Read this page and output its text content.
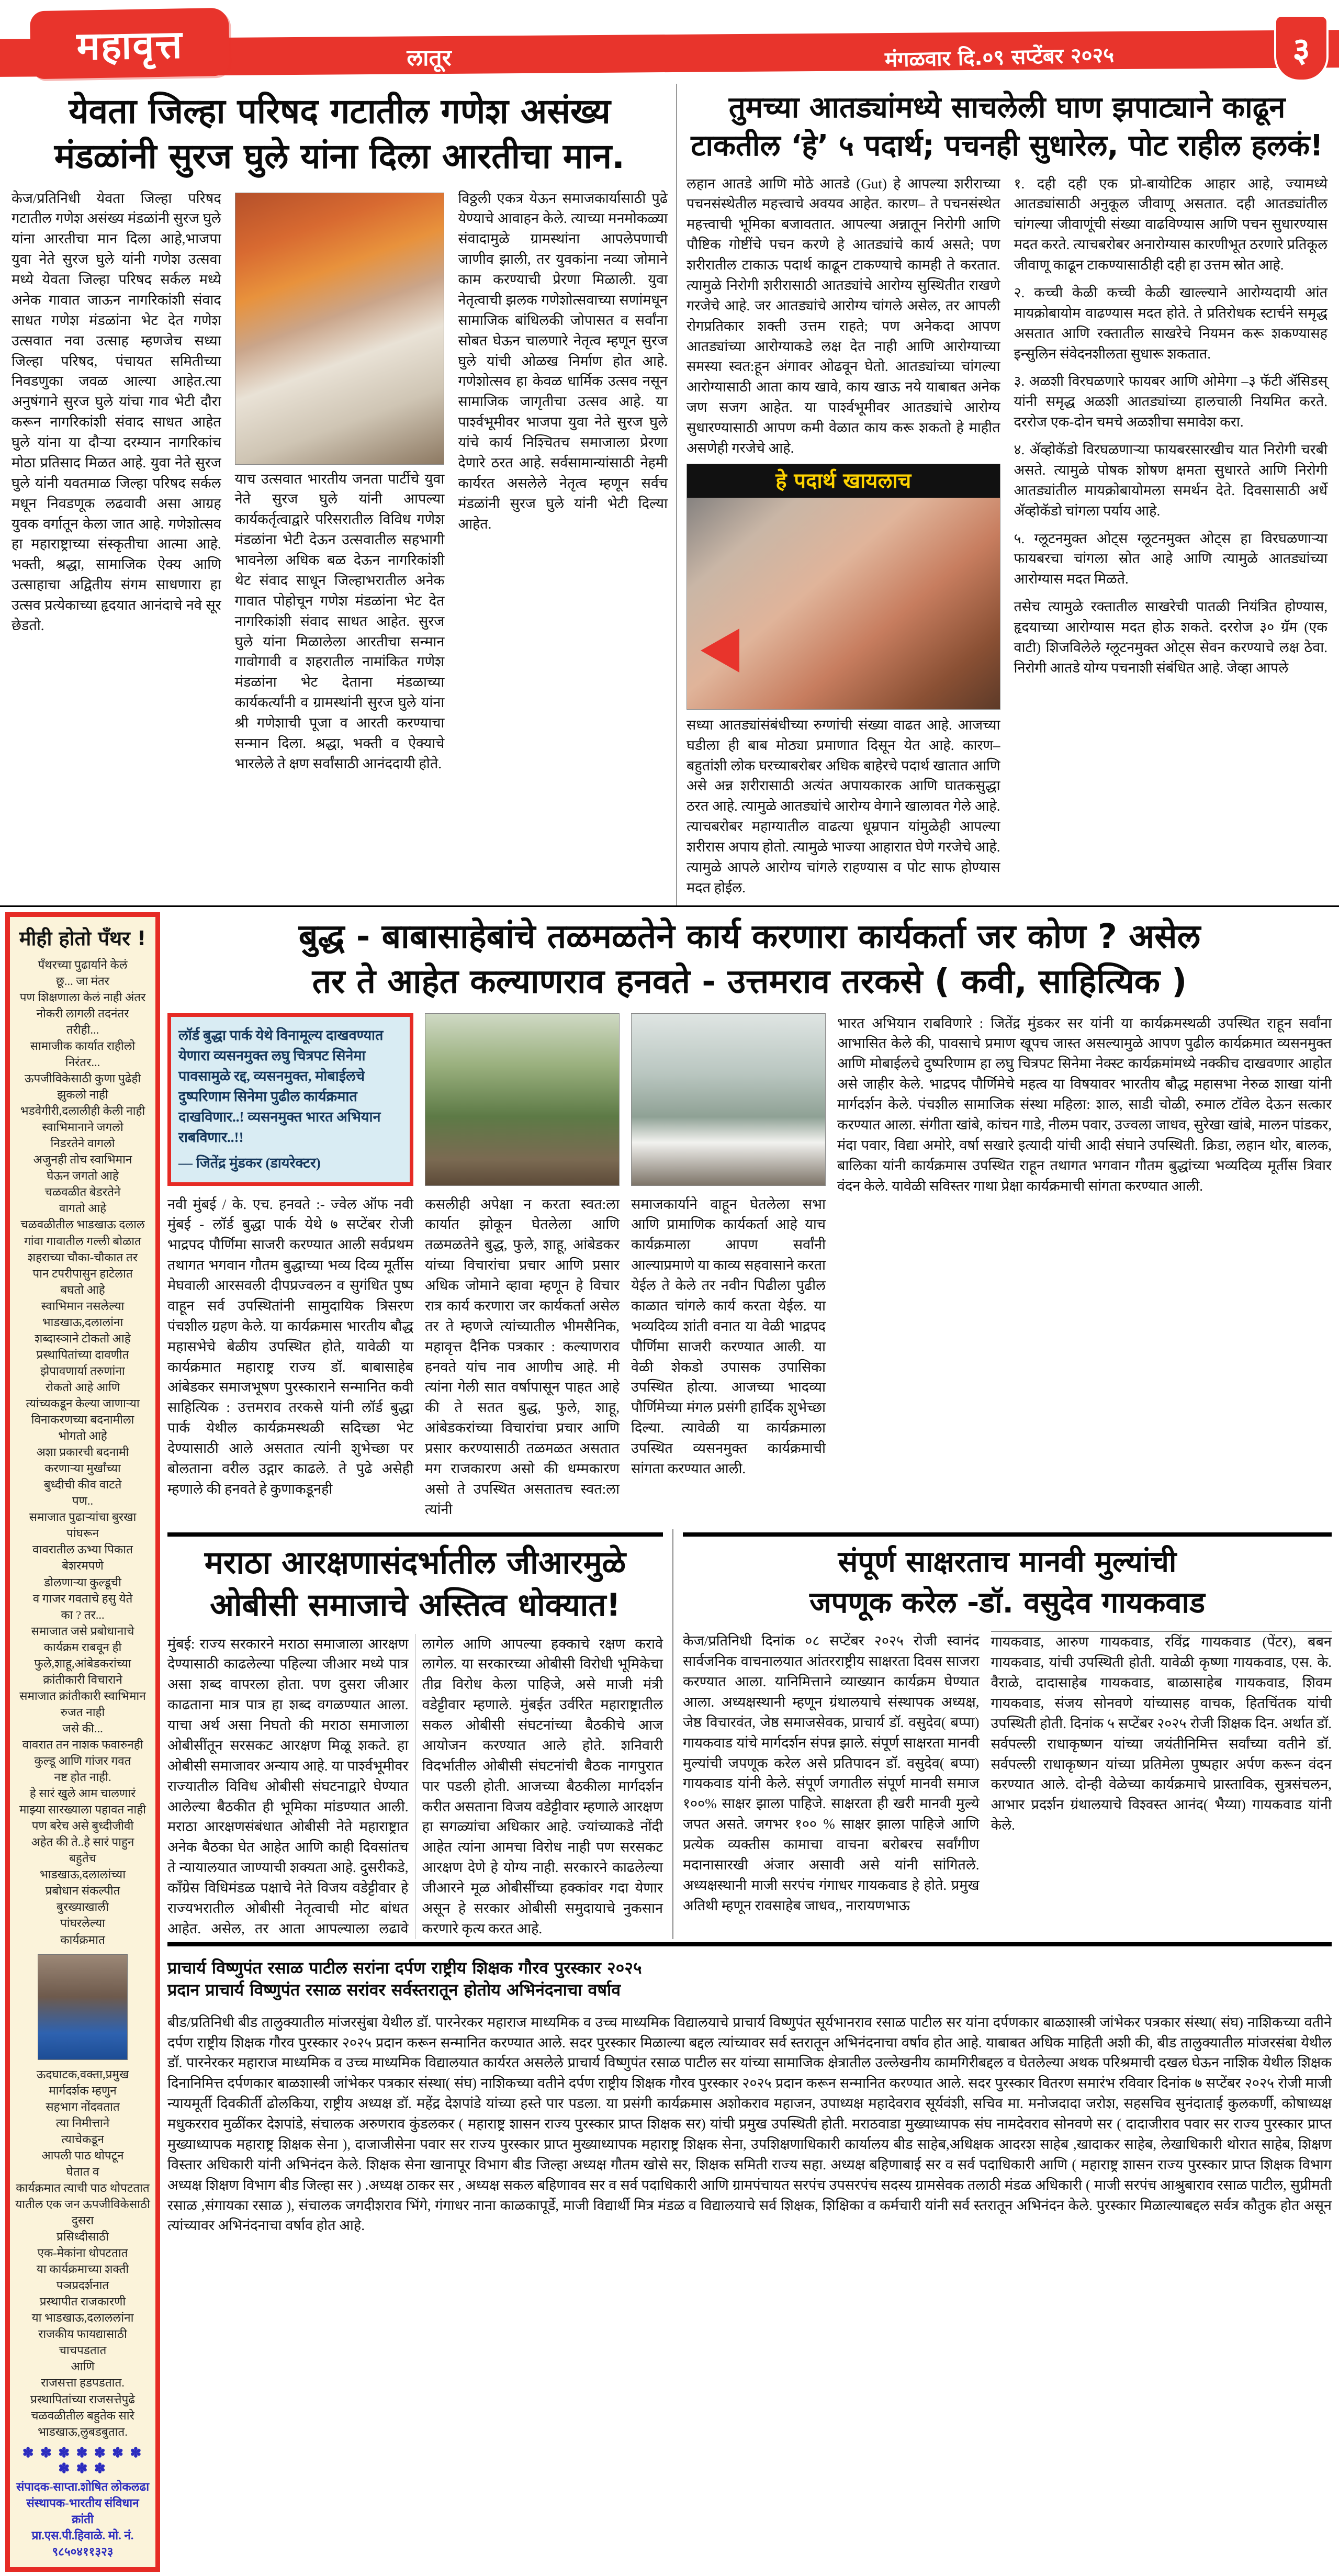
महावृत्त	लातूर	मंगळवार दि.०९ सप्टेंबर २०२५	३
येवता जिल्हा परिषद गटातील गणेश असंख्य
मंडळांनी सुरज घुले यांना दिला आरतीचा मान.
केज/प्रतिनिधी येवता जिल्हा परिषद गटातील गणेश असंख्य मंडळांनी सुरज घुले यांना आरतीचा मान दिला आहे,भाजपा युवा नेते सुरज घुले यांनी गणेश उत्सवा मध्ये येवता जिल्हा परिषद सर्कल मध्ये अनेक गावात जाऊन नागरिकांशी संवाद साधत गणेश मंडळांना भेट देत गणेश उत्सवात नवा उत्साह म्हणजेच सध्या जिल्हा परिषद, पंचायत समितीच्या निवडणुका जवळ आल्या आहेत.त्या अनुषंगाने सुरज घुले यांचा गाव भेटी दौरा करून नागरिकांशी संवाद साधत आहेत घुले यांना या दौऱ्या दरम्यान नागरिकांच मोठा प्रतिसाद मिळत आहे. युवा नेते सुरज घुले यांनी यवतमाळ जिल्हा परिषद सर्कल मधून निवडणूक लढवावी असा आग्रह युवक वर्गातून केला जात आहे. गणेशोत्सव हा महाराष्ट्राच्या संस्कृतीचा आत्मा आहे. भक्ती, श्रद्धा, सामाजिक ऐक्य आणि उत्साहाचा अद्वितीय संगम साधणारा हा उत्सव प्रत्येकाच्या हृदयात आनंदाचे नवे सूर छेडतो.
याच उत्सवात भारतीय जनता पार्टीचे युवा नेते सुरज घुले यांनी आपल्या कार्यकर्तृत्वाद्वारे परिसरातील विविध गणेश मंडळांना भेटी देऊन उत्सवातील सहभागी भावनेला अधिक बळ देऊन नागरिकांशी थेट संवाद साधून जिल्हाभरातील अनेक गावात पोहोचून गणेश मंडळांना भेट देत नागरिकांशी संवाद साधत आहेत. सुरज घुले यांना मिळालेला आरतीचा सन्मान गावोगावी व शहरातील नामांकित गणेश मंडळांना भेट देताना मंडळाच्या कार्यकर्त्यांनी व ग्रामस्थांनी सुरज घुले यांना श्री गणेशाची पूजा व आरती करण्याचा सन्मान दिला. श्रद्धा, भक्ती व ऐक्याचे भारलेले ते क्षण सर्वांसाठी आनंददायी होते.
विठ्ठली एकत्र येऊन समाजकार्यासाठी पुढे येण्याचे आवाहन केले. त्याच्या मनमोकळ्या संवादामुळे ग्रामस्थांना आपलेपणाची जाणीव झाली, तर युवकांना नव्या जोमाने काम करण्याची प्रेरणा मिळाली. युवा नेतृत्वाची झलक गणेशोत्सवाच्या सणांमधून सामाजिक बांधिलकी जोपासत व सर्वांना सोबत घेऊन चालणारे नेतृत्व म्हणून सुरज घुले यांची ओळख निर्माण होत आहे. गणेशोत्सव हा केवळ धार्मिक उत्सव नसून सामाजिक जागृतीचा उत्सव आहे. या पार्श्वभूमीवर भाजपा युवा नेते सुरज घुले यांचे कार्य निश्चितच समाजाला प्रेरणा देणारे ठरत आहे. सर्वसामान्यांसाठी नेहमी कार्यरत असलेले नेतृत्व म्हणून सर्वच मंडळांनी सुरज घुले यांनी भेटी दिल्या आहेत.
तुमच्या आतड्यांमध्ये साचलेली घाण झपाट्याने काढून
टाकतील ‘हे’ ५ पदार्थ; पचनही सुधारेल, पोट राहील हलकं!
लहान आतडे आणि मोठे आतडे (Gut) हे आपल्या शरीराच्या पचनसंस्थेतील महत्त्वाचे अवयव आहेत. कारण– ते पचनसंस्थेत महत्त्वाची भूमिका बजावतात. आपल्या अन्नातून निरोगी आणि पौष्टिक गोष्टींचे पचन करणे हे आतड्यांचे कार्य असते; पण शरीरातील टाकाऊ पदार्थ काढून टाकण्याचे कामही ते करतात. त्यामुळे निरोगी शरीरासाठी आतड्यांचे आरोग्य सुस्थितीत राखणे गरजेचे आहे. जर आतड्यांचे आरोग्य चांगले असेल, तर आपली रोगप्रतिकार शक्ती उत्तम राहते; पण अनेकदा आपण आतड्यांच्या आरोग्याकडे लक्ष देत नाही आणि आरोग्याच्या समस्या स्वत:हून अंगावर ओढवून घेतो. आतड्यांच्या चांगल्या आरोग्यासाठी आता काय खावे, काय खाऊ नये याबाबत अनेक जण सजग आहेत. या पार्श्वभूमीवर आतड्यांचे आरोग्य सुधारण्यासाठी आपण कमी वेळात काय करू शकतो हे माहीत असणेही गरजेचे आहे.
हे पदार्थ खायलाच
सध्या आतड्यांसंबंधीच्या रुग्णांची संख्या वाढत आहे. आजच्या घडीला ही बाब मोठ्या प्रमाणात दिसून येत आहे. कारण– बहुतांशी लोक घरच्याबरोबर अधिक बाहेरचे पदार्थ खातात आणि असे अन्न शरीरासाठी अत्यंत अपायकारक आणि घातकसुद्धा ठरत आहे. त्यामुळे आतड्यांचे आरोग्य वेगाने खालावत गेले आहे. त्याचबरोबर महाग्यातील वाढत्या धूम्रपान यांमुळेही आपल्या शरीरास अपाय होतो. त्यामुळे भाज्या आहारात घेणे गरजेचे आहे. त्यामुळे आपले आरोग्य चांगले राहण्यास व पोट साफ होण्यास मदत होईल.
१. दही दही एक प्रो-बायोटिक आहार आहे, ज्यामध्ये आतड्यांसाठी अनुकूल जीवाणू असतात. दही आतड्यांतील चांगल्या जीवाणूंची संख्या वाढविण्यास आणि पचन सुधारण्यास मदत करते. त्याचबरोबर अनारोग्यास कारणीभूत ठरणारे प्रतिकूल जीवाणू काढून टाकण्यासाठीही दही हा उत्तम स्रोत आहे.
२. कच्ची केळी कच्ची केळी खाल्ल्याने आरोग्यदायी आंत मायक्रोबायोम वाढण्यास मदत होते. ते प्रतिरोधक स्टार्चने समृद्ध असतात आणि रक्तातील साखरेचे नियमन करू शकण्यासह इन्सुलिन संवेदनशीलता सुधारू शकतात.
३. अळशी विरघळणारे फायबर आणि ओमेगा –३ फॅटी ॲसिडस् यांनी समृद्ध अळशी आतड्यांच्या हालचाली नियमित करते. दररोज एक-दोन चमचे अळशीचा समावेश करा.
४. ॲव्होकॅडो विरघळणाऱ्या फायबरसारखीच यात निरोगी चरबी असते. त्यामुळे पोषक शोषण क्षमता सुधारते आणि निरोगी आतड्यांतील मायक्रोबायोमला समर्थन देते. दिवसासाठी अर्धे ॲव्होकॅडो चांगला पर्याय आहे.
५. ग्लूटनमुक्त ओट्स ग्लूटनमुक्त ओट्स हा विरघळणाऱ्या फायबरचा चांगला स्रोत आहे आणि त्यामुळे आतड्यांच्या आरोग्यास मदत मिळते.
तसेच त्यामुळे रक्तातील साखरेची पातळी नियंत्रित होण्यास, हृदयाच्या आरोग्यास मदत होऊ शकते. दररोज ३० ग्रॅम (एक वाटी) शिजविलेले ग्लूटनमुक्त ओट्स सेवन करण्याचे लक्ष ठेवा. निरोगी आतडे योग्य पचनाशी संबंधित आहे. जेव्हा आपले
मीही होतो पँथर !
पँथरच्या पुढार्याने केलं
छू... जा मंतर
पण शिक्षणाला केलं नाही अंतर
नोकरी लागली तदनंतर
तरीही...
सामाजीक कार्यात राहीलो
निरंतर...
ऊपजीविकेसाठी कुणा पुढेही
झुकलो नाही
भडवेगीरी,दलालीही केली नाही
स्वाभिमानाने जगलो
निडरतेने वागलो
अजुनही तोच स्वाभिमान
घेऊन जगतो आहे
चळवळीत बेडरतेने
वागतो आहे
चळवळीतील भाडखाऊ दलाल
गांवा गावातील गल्ली बोळात
शहराच्या चौका-चौकात तर
पान टपरीपासुन हाटेलात
बघतो आहे
स्वाभिमान नसलेल्या
भाडखाऊ,दलालांना
शब्दास्ञाने टोकतो आहे
प्रस्थापितांच्या दावणीत
झेपावणार्या तरुणांना
रोकतो आहे आणि
त्यांच्यकडून केल्या जाणाऱ्या
विनाकरणच्या बदनामीला
भोगतो आहे
अशा प्रकारची बदनामी
करणाऱ्या मुर्खांच्या
बुध्दीची कीव वाटते
पण..
समाजात पुढाऱ्यांचा बुरखा पांघरून
वावरातील ऊभ्या पिकात बेशरमपणे
डोलणाऱ्या कुल्डूची
व गाजर गवताचे हसु येते
का ? तर...
समाजात जसे प्रबोधानाचे
कार्यक्रम राबवून ही
फुले,शाहू,आंबेडकरांच्या
क्रांतीकारी विचाराने
समाजात क्रांतीकारी स्वाभिमान
रुजत नाही
जसे की...
वावरात तन नाशक फवारुनही
कुल्डू आणि गांजर गवत
नष्ट होत नाही.
हे सारं खुले आम चालणारं
माझ्या सारख्याला पहावत नाही
पण बरेच असे बुध्दीजीवी
अहेत की ते..हे सारं पाहुन
बहुतेच
भाडखाऊ,दलालांच्या
प्रबोधान संकल्पीत
बुरख्याखाली
पांघरलेल्या
कार्यक्रमात
ऊदघाटक,वक्ता,प्रमुख
मार्गदर्शक म्हणुन
सहभाग नोंदवतात
त्या निमीत्ताने
त्याचेकडून
आपली पाठ थोपटून
घेतात व
कार्यक्रमात त्याची पाठ थोपटतात
यातील एक जन ऊपजीविकेसाठी
दुसरा
प्रसिध्दीसाठी
एक-मेकांना धोपटतात
या कार्यक्रमाच्या शक्ती पञप्रदर्शनात
प्रस्थापीत राजकारणी
या भाडखाऊ,दलाललांना
राजकीय फायद्यासाठी चाचपडतात
आणि
राजसत्ता हडपडतात.
प्रस्थापितांच्या राजसत्तेपुढे
चळवळीतील बहुतेक सारे
भाडखाऊ,लुबडबुतात.
✽ ✽ ✽ ✽ ✽ ✽ ✽ ✽ ✽ ✽
संपादक-साप्ता.शोषित लोकलढा
संस्थापक-भारतीय संविधान क्रांती
प्रा.एस.पी.हिवाळे. मो. नं.
९८५०४११३२३
बुद्ध - बाबासाहेबांचे तळमळतेने कार्य करणारा कार्यकर्ता जर कोण ? असेल
तर ते आहेत कल्याणराव हनवते - उत्तमराव तरकसे ( कवी, साहित्यिक )
लॉर्ड बुद्धा पार्क येथे विनामूल्य दाखवण्यात येणारा व्यसनमुक्त लघु चित्रपट सिनेमा पावसामुळे रद्द, व्यसनमुक्त, मोबाईलचे दुष्परिणाम सिनेमा पुढील कार्यक्रमात दाखविणार..! व्यसनमुक्त भारत अभियान राबविणार..!!
–– जितेंद्र मुंडकर (डायरेक्टर)
भारत अभियान राबविणारे : जितेंद्र मुंडकर सर यांनी या कार्यक्रमस्थळी उपस्थित राहून सर्वांना आभासित केले की, पावसाचे प्रमाण खूपच जास्त असल्यामुळे आपण पुढील कार्यक्रमात व्यसनमुक्त आणि मोबाईलचे दुष्परिणाम हा लघु चित्रपट सिनेमा नेक्स्ट कार्यक्रमांमध्ये नक्कीच दाखवणार आहोत असे जाहीर केले. भाद्रपद पौर्णिमेचे महत्व या विषयावर भारतीय बौद्ध महासभा नेरुळ शाखा यांनी मार्गदर्शन केले. पंचशील सामाजिक संस्था महिला: शाल, साडी चोळी, रुमाल टॉवेल देऊन सत्कार करण्यात आला. संगीता खांबे, कांचन गाडे, नीलम पवार, उज्वला जाधव, सुरेखा खांबे, मालन पांडकर, मंदा पवार, विद्या अमोरे, वर्षा सखारे इत्यादी यांची आदी संघाने उपस्थिती. क्रिडा, लहान थोर, बालक, बालिका यांनी कार्यक्रमास उपस्थित राहून तथागत भगवान गौतम बुद्धांच्या भव्यदिव्य मूर्तीस त्रिवार वंदन केले. यावेळी सविस्तर गाथा प्रेक्षा कार्यक्रमाची सांगता करण्यात आली.
नवी मुंबई / के. एच. हनवते :- ज्वेल ऑफ नवी मुंबई - लॉर्ड बुद्धा पार्क येथे ७ सप्टेंबर रोजी भाद्रपद पौर्णिमा साजरी करण्यात आली सर्वप्रथम तथागत भगवान गौतम बुद्धाच्या भव्य दिव्य मूर्तीस मेघवाली आरसवली दीपप्रज्वलन व सुगंधित पुष्प वाहून सर्व उपस्थितांनी सामुदायिक त्रिसरण पंचशील ग्रहण केले. या कार्यक्रमास भारतीय बौद्ध महासभेचे बेळीय उपस्थित होते, यावेळी या कार्यक्रमात महाराष्ट्र राज्य डॉ. बाबासाहेब आंबेडकर समाजभूषण पुरस्काराने सन्मानित कवी साहित्यिक : उत्तमराव तरकसे यांनी लॉर्ड बुद्धा पार्क येथील कार्यक्रमस्थळी सदिच्छा भेट देण्यासाठी आले असतात त्यांनी शुभेच्छा पर बोलताना वरील उद्गार काढले. ते पुढे असेही म्हणाले की हनवते हे कुणाकडूनही
कसलीही अपेक्षा न करता स्वत:ला कार्यात झोकून घेतलेला आणि तळमळतेने बुद्ध, फुले, शाहू, आंबेडकर यांच्या विचारांचा प्रचार आणि प्रसार अधिक जोमाने व्हावा म्हणून हे विचार रात्र कार्य करणारा जर कार्यकर्ता असेल तर ते म्हणजे त्यांच्यातील भीमसैनिक, महावृत्त दैनिक पत्रकार : कल्याणराव हनवते यांच नाव आणीच आहे. मी त्यांना गेली सात वर्षापासून पाहत आहे की ते सतत बुद्ध, फुले, शाहू, आंबेडकरांच्या विचारांचा प्रचार आणि प्रसार करण्यासाठी तळमळत असतात मग राजकारण असो की धम्मकारण असो ते उपस्थित असतातच स्वत:ला त्यांनी
समाजकार्याने वाहून घेतलेला सभा आणि प्रामाणिक कार्यकर्ता आहे याच कार्यक्रमाला आपण सर्वांनी आल्याप्रमाणे या काव्य सहवासाने करता येईल ते केले तर नवीन पिढीला पुढील काळात चांगले कार्य करता येईल. या भव्यदिव्य शांती वनात या वेळी भाद्रपद पौर्णिमा साजरी करण्यात आली. या वेळी शेकडो उपासक उपासिका उपस्थित होत्या. आजच्या भादव्या पौर्णिमेच्या मंगल प्रसंगी हार्दिक शुभेच्छा दिल्या. त्यावेळी या कार्यक्रमाला उपस्थित व्यसनमुक्त कार्यक्रमाची सांगता करण्यात आली.
मराठा आरक्षणासंदर्भातील जीआरमुळे
ओबीसी समाजाचे अस्तित्व धोक्यात!
मुंबई: राज्य सरकारने मराठा समाजाला आरक्षण देण्यासाठी काढलेल्या पहिल्या जीआर मध्ये पात्र असा शब्द वापरला होता. पण दुसरा जीआर काढताना मात्र पात्र हा शब्द वगळण्यात आला. याचा अर्थ असा निघतो की मराठा समाजाला ओबीसींतून सरसकट आरक्षण मिळू शकते. हा ओबीसी समाजावर अन्याय आहे. या पार्श्वभूमीवर राज्यातील विविध ओबीसी संघटनाद्वारे घेण्यात आलेल्या बैठकीत ही भूमिका मांडण्यात आली. मराठा आरक्षणसंबंधात ओबीसी नेते महाराष्ट्रात अनेक बैठका घेत आहेत आणि काही दिवसांतच ते न्यायालयात जाण्याची शक्यता आहे. दुसरीकडे, काँग्रेस विधिमंडळ पक्षाचे नेते विजय वडेट्टीवार हे राज्यभरातील ओबीसी नेतृत्वाची मोट बांधत आहेत. असेल, तर आता आपल्याला लढावे लागेल आणि आपल्या हक्काचे रक्षण करावे लागेल. या सरकारच्या ओबीसी विरोधी भूमिकेचा तीव्र विरोध केला पाहिजे, असे माजी मंत्री वडेट्टीवार म्हणाले. मुंबईत उर्वरित महाराष्ट्रातील सकल ओबीसी संघटनांच्या बैठकीचे आज आयोजन करण्यात आले होते. शनिवारी विदर्भातील ओबीसी संघटनांची बैठक नागपुरात पार पडली होती. आजच्या बैठकीला मार्गदर्शन करीत असताना विजय वडेट्टीवार म्हणाले आरक्षण हा सगळ्यांचा अधिकार आहे. ज्यांच्याकडे नोंदी आहेत त्यांना आमचा विरोध नाही पण सरसकट आरक्षण देणे हे योग्य नाही. सरकारने काढलेल्या जीआरने मूळ ओबीसींच्या हक्कांवर गदा येणार असून हे सरकार ओबीसी समुदायाचे नुकसान करणारे कृत्य करत आहे.
संपूर्ण साक्षरताच मानवी मुल्यांची
जपणूक करेल -डॉ. वसुदेव गायकवाड
केज/प्रतिनिधी दिनांक ०८ सप्टेंबर २०२५ रोजी स्वानंद सार्वजनिक वाचनालयात आंतरराष्ट्रीय साक्षरता दिवस साजरा करण्यात आला. यानिमित्ताने व्याख्यान कार्यक्रम घेण्यात आला. अध्यक्षस्थानी म्हणून ग्रंथालयाचे संस्थापक अध्यक्ष, जेष्ठ विचारवंत, जेष्ठ समाजसेवक, प्राचार्य डॉ. वसुदेव( बप्पा) गायकवाड यांचे मार्गदर्शन संपन्न झाले. संपूर्ण साक्षरता मानवी मुल्यांची जपणूक करेल असे प्रतिपादन डॉ. वसुदेव( बप्पा) गायकवाड यांनी केले. संपूर्ण जगातील संपूर्ण मानवी समाज १००% साक्षर झाला पाहिजे. साक्षरता ही खरी मानवी मुल्ये जपत असते. जगभर १०० % साक्षर झाला पाहिजे आणि प्रत्येक व्यक्तीस कामाचा वाचना बरोबरच सर्वांगीण मदानासारखी अंजार असावी असे यांनी सांगितले. अध्यक्षस्थानी माजी सरपंच गंगाधर गायकवाड हे होते. प्रमुख अतिथी म्हणून रावसाहेब जाधव,, नारायणभाऊ
गायकवाड, आरुण गायकवाड, रविंद्र गायकवाड (पेंटर), बबन गायकवाड, यांची उपस्थिती होती. यावेळी कृष्णा गायकवाड, एस. के. वैराळे, दादासाहेब गायकवाड, बाळासाहेब गायकवाड, शिवम गायकवाड, संजय सोनवणे यांच्यासह वाचक, हितचिंतक यांची उपस्थिती होती. दिनांक ५ सप्टेंबर २०२५ रोजी शिक्षक दिन. अर्थात डॉ. सर्वपल्ली राधाकृष्णन यांच्या जयंतीनिमित्त सर्वांच्या वतीने डॉ. सर्वपल्ली राधाकृष्णन यांच्या प्रतिमेला पुष्पहार अर्पण करून वंदन करण्यात आले. दोन्ही वेळेच्या कार्यक्रमाचे प्रास्ताविक, सुत्रसंचलन, आभार प्रदर्शन ग्रंथालयाचे विश्वस्त आनंद( भैय्या) गायकवाड यांनी केले.
प्राचार्य विष्णुपंत रसाळ पाटील सरांना दर्पण राष्ट्रीय शिक्षक गौरव पुरस्कार २०२५
प्रदान प्राचार्य विष्णुपंत रसाळ सरांवर सर्वस्तरातून होतोय अभिनंदनाचा वर्षाव
बीड/प्रतिनिधी बीड तालुक्यातील मांजरसुंबा येथील डॉ. पारनेरकर महाराज माध्यमिक व उच्च माध्यमिक विद्यालयाचे प्राचार्य विष्णुपंत सूर्यभानराव रसाळ पाटील सर यांना दर्पणकार बाळशास्त्री जांभेकर पत्रकार संस्था( संघ) नाशिकच्या वतीने दर्पण राष्ट्रीय शिक्षक गौरव पुरस्कार २०२५ प्रदान करून सन्मानित करण्यात आले. सदर पुरस्कार मिळाल्या बद्दल त्यांच्यावर सर्व स्तरातून अभिनंदनाचा वर्षाव होत आहे. याबाबत अधिक माहिती अशी की, बीड तालुक्यातील मांजरसंबा येथील डॉ. पारनेरकर महाराज माध्यमिक व उच्च माध्यमिक विद्यालयात कार्यरत असलेले प्राचार्य विष्णुपंत रसाळ पाटील सर यांच्या सामाजिक क्षेत्रातील उल्लेखनीय कामगिरीबद्दल व घेतलेल्या अथक परिश्रमाची दखल घेऊन नाशिक येथील शिक्षक दिनानिमित्त दर्पणकार बाळशास्त्री जांभेकर पत्रकार संस्था( संघ) नाशिकच्या वतीने दर्पण राष्ट्रीय शिक्षक गौरव पुरस्कार २०२५ प्रदान करून सन्मानित करण्यात आले. सदर पुरस्कार वितरण समारंभ रविवार दिनांक ७ सप्टेंबर २०२५ रोजी माजी न्यायमूर्ती दिवकीर्ती ढोलकिया, राष्ट्रीय अध्यक्ष डॉ. महेंद्र देशपांडे यांच्या हस्ते पार पडला. या प्रसंगी कार्यक्रमास अशोकराव महाजन, उपाध्यक्ष महादेवराव सूर्यवंशी, सचिव मा. मनोजदादा जरोश, सहसचिव सुनंदाताई कुलकर्णी, कोषाध्यक्ष मधुकरराव मुळींकर देशपांडे, संचालक अरुणराव कुंडलकर ( महाराष्ट्र शासन राज्य पुरस्कार प्राप्त शिक्षक सर) यांची प्रमुख उपस्थिती होती. मराठवाडा मुख्याध्यापक संघ नामदेवराव सोनवणे सर ( दादाजीराव पवार सर राज्य पुरस्कार प्राप्त मुख्याध्यापक महाराष्ट्र शिक्षक सेना ), दाजाजीसेना पवार सर राज्य पुरस्कार प्राप्त मुख्याध्यापक महाराष्ट्र शिक्षक सेना, उपशिक्षणाधिकारी कार्यालय बीड साहेब,अधिक्षक आदरश साहेब ,खादाकर साहेब, लेखाधिकारी थोरात साहेब, शिक्षण विस्तार अधिकारी यांनी अभिनंदन केले. शिक्षक सेना खानापूर विभाग बीड जिल्हा अध्यक्ष गौतम खोसे सर, शिक्षक समिती राज्य सहा. अध्यक्ष बहिणाबाई सर व सर्व पदाधिकारी आणि ( महाराष्ट्र शासन राज्य पुरस्कार प्राप्त शिक्षक विभाग अध्यक्ष शिक्षण विभाग बीड जिल्हा सर ) .अध्यक्ष ठाकर सर , अध्यक्ष सकल बहिणावव सर व सर्व पदाधिकारी आणि ग्रामपंचायत सरपंच उपसरपंच सदस्य ग्रामसेवक तलाठी मंडळ अधिकारी ( माजी सरपंच आश्रुबाराव रसाळ पाटील, सुप्रीमती रसाळ ,संगायका रसाळ ), संचालक जगदीशराव भिंगे, गंगाधर नाना काळकापूर्डे, माजी विद्यार्थी मित्र मंडळ व विद्यालयाचे सर्व शिक्षक, शिक्षिका व कर्मचारी यांनी सर्व स्तरातून अभिनंदन केले. पुरस्कार मिळाल्याबद्दल सर्वत्र कौतुक होत असून त्यांच्यावर अभिनंदनाचा वर्षाव होत आहे.
